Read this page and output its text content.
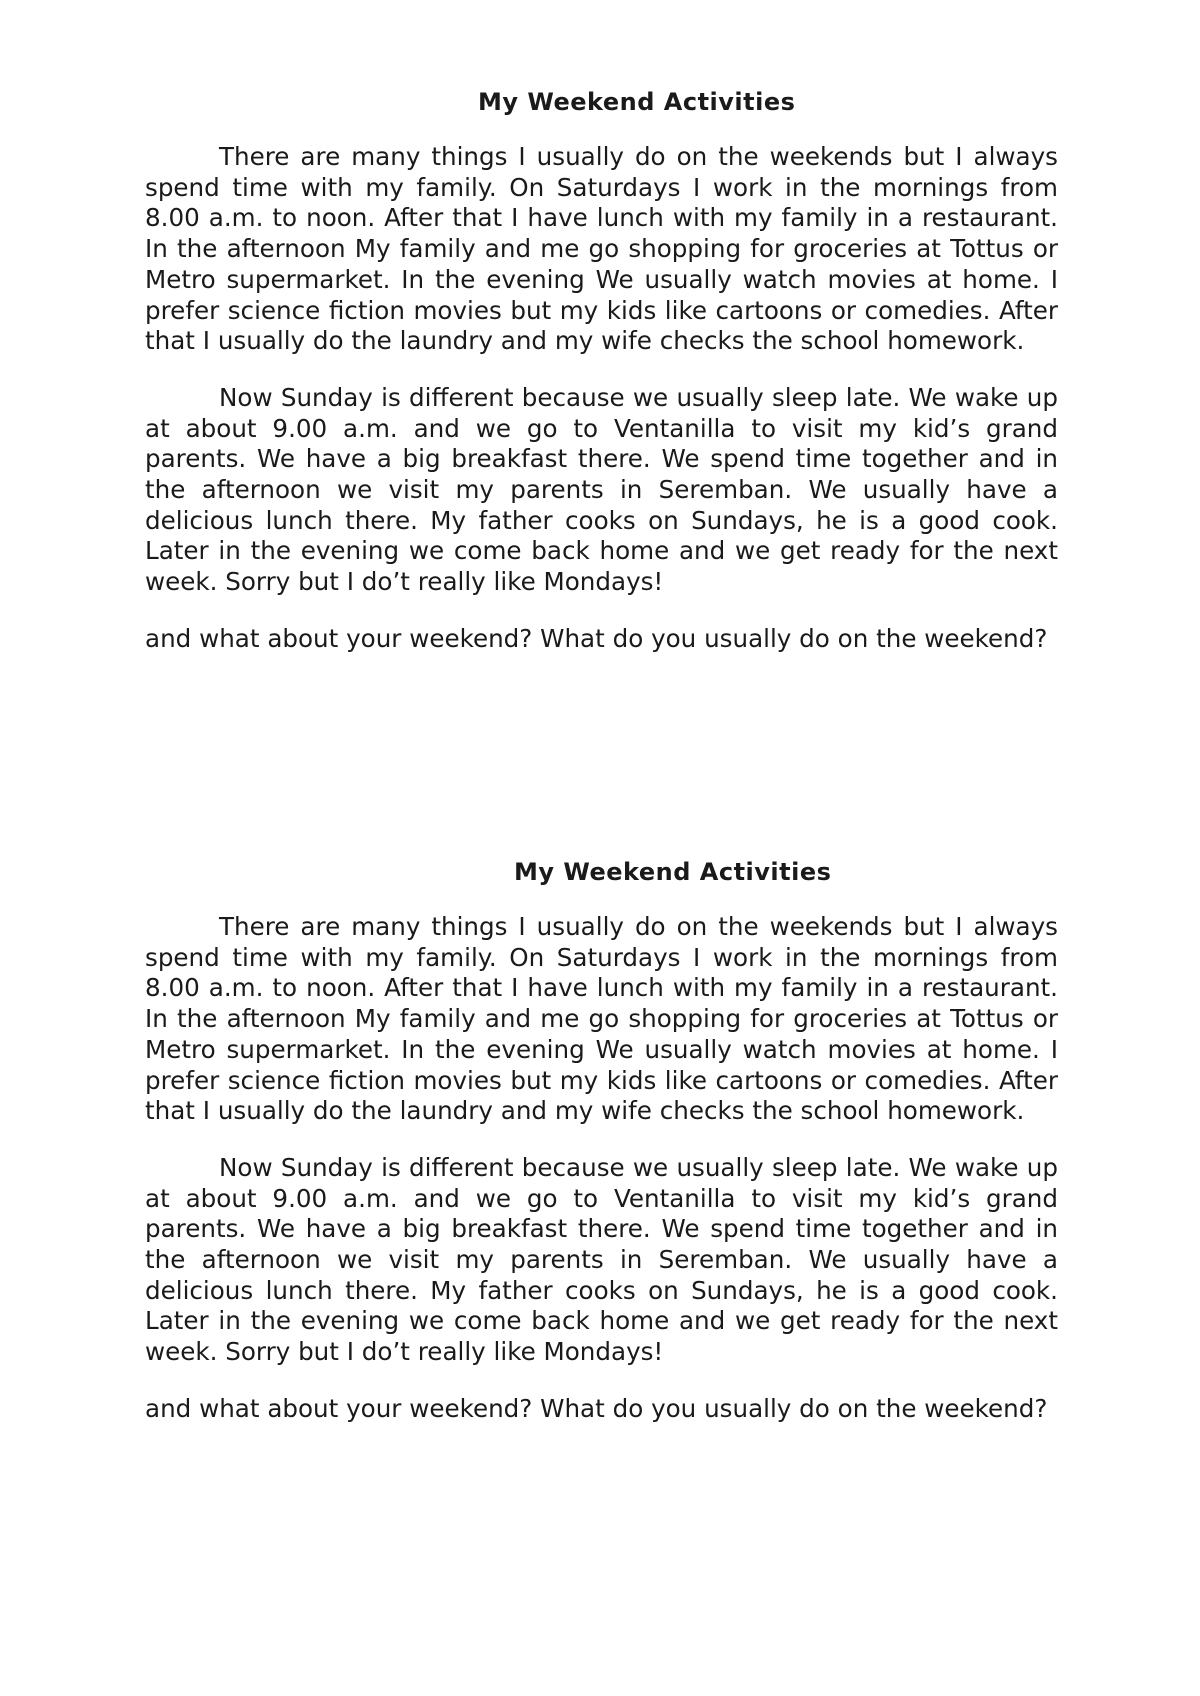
My Weekend Activities

There are many things I usually do on the weekends but I always spend time with my family. On Saturdays I work in the mornings from 8.00 a.m. to noon. After that I have lunch with my family in a restaurant. In the afternoon My family and me go shopping for groceries at Tottus or Metro supermarket. In the evening We usually watch movies at home. I prefer science fiction movies but my kids like cartoons or comedies. After that I usually do the laundry and my wife checks the school homework.

Now Sunday is different because we usually sleep late. We wake up at about 9.00 a.m. and we go to Ventanilla to visit my kid’s grand parents. We have a big breakfast there. We spend time together and in the afternoon we visit my parents in Seremban. We usually have a delicious lunch there. My father cooks on Sundays, he is a good cook. Later in the evening we come back home and we get ready for the next week. Sorry but I do’t really like Mondays!

and what about your weekend? What do you usually do on the weekend?

My Weekend Activities

There are many things I usually do on the weekends but I always spend time with my family. On Saturdays I work in the mornings from 8.00 a.m. to noon. After that I have lunch with my family in a restaurant. In the afternoon My family and me go shopping for groceries at Tottus or Metro supermarket. In the evening We usually watch movies at home. I prefer science fiction movies but my kids like cartoons or comedies. After that I usually do the laundry and my wife checks the school homework.

Now Sunday is different because we usually sleep late. We wake up at about 9.00 a.m. and we go to Ventanilla to visit my kid’s grand parents. We have a big breakfast there. We spend time together and in the afternoon we visit my parents in Seremban. We usually have a delicious lunch there. My father cooks on Sundays, he is a good cook. Later in the evening we come back home and we get ready for the next week. Sorry but I do’t really like Mondays!

and what about your weekend? What do you usually do on the weekend?
